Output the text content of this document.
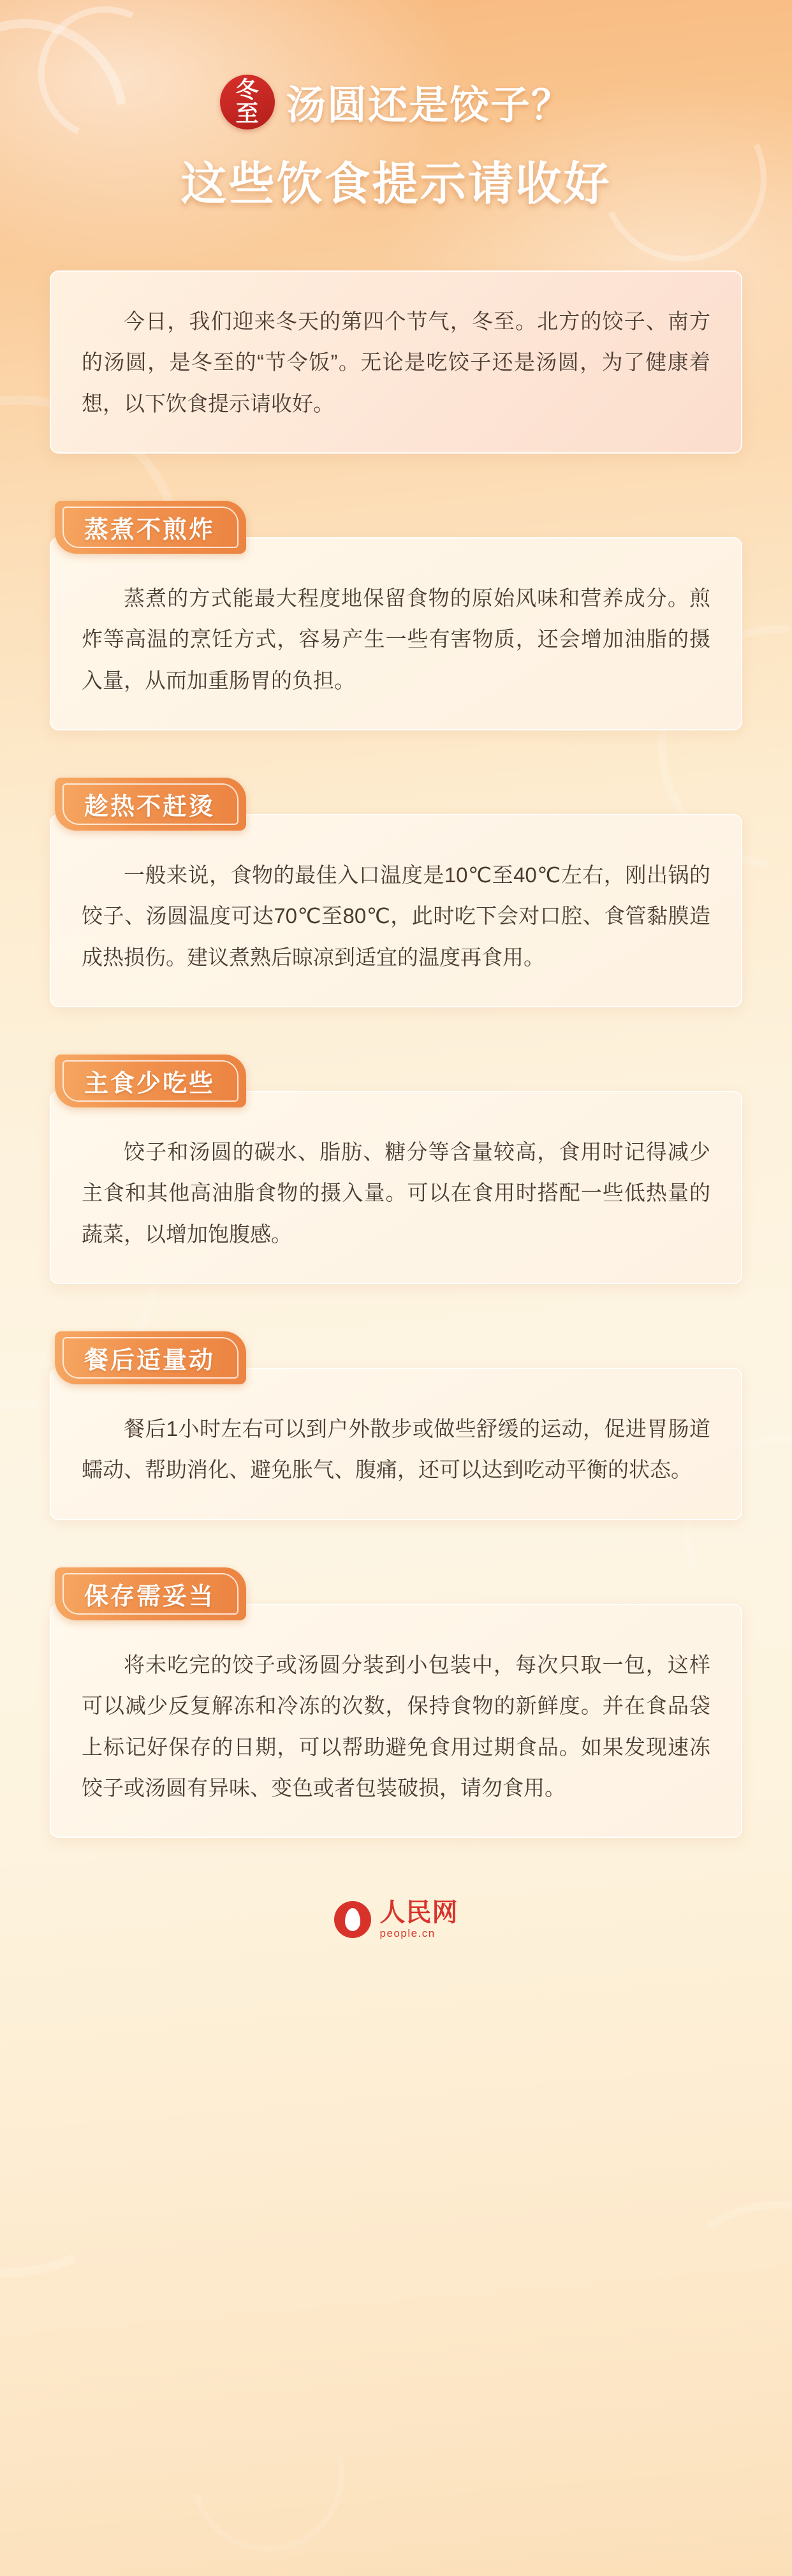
冬
至 汤圆还是饺子？
这些饮食提示请收好

今日，我们迎来冬天的第四个节气，冬至。北方的饺子、南方的汤圆，是冬至的“节令饭”。无论是吃饺子还是汤圆，为了健康着想，以下饮食提示请收好。

蒸煮不煎炸

蒸煮的方式能最大程度地保留食物的原始风味和营养成分。煎炸等高温的烹饪方式，容易产生一些有害物质，还会增加油脂的摄入量，从而加重肠胃的负担。

趁热不赶烫

一般来说，食物的最佳入口温度是10℃至40℃左右，刚出锅的饺子、汤圆温度可达70℃至80℃，此时吃下会对口腔、食管黏膜造成热损伤。建议煮熟后晾凉到适宜的温度再食用。

主食少吃些

饺子和汤圆的碳水、脂肪、糖分等含量较高，食用时记得减少主食和其他高油脂食物的摄入量。可以在食用时搭配一些低热量的蔬菜，以增加饱腹感。

餐后适量动

餐后1小时左右可以到户外散步或做些舒缓的运动，促进胃肠道蠕动、帮助消化、避免胀气、腹痛，还可以达到吃动平衡的状态。

保存需妥当

将未吃完的饺子或汤圆分装到小包装中，每次只取一包，这样可以减少反复解冻和冷冻的次数，保持食物的新鲜度。并在食品袋上标记好保存的日期，可以帮助避免食用过期食品。如果发现速冻饺子或汤圆有异味、变色或者包装破损，请勿食用。

人民网
people.cn
